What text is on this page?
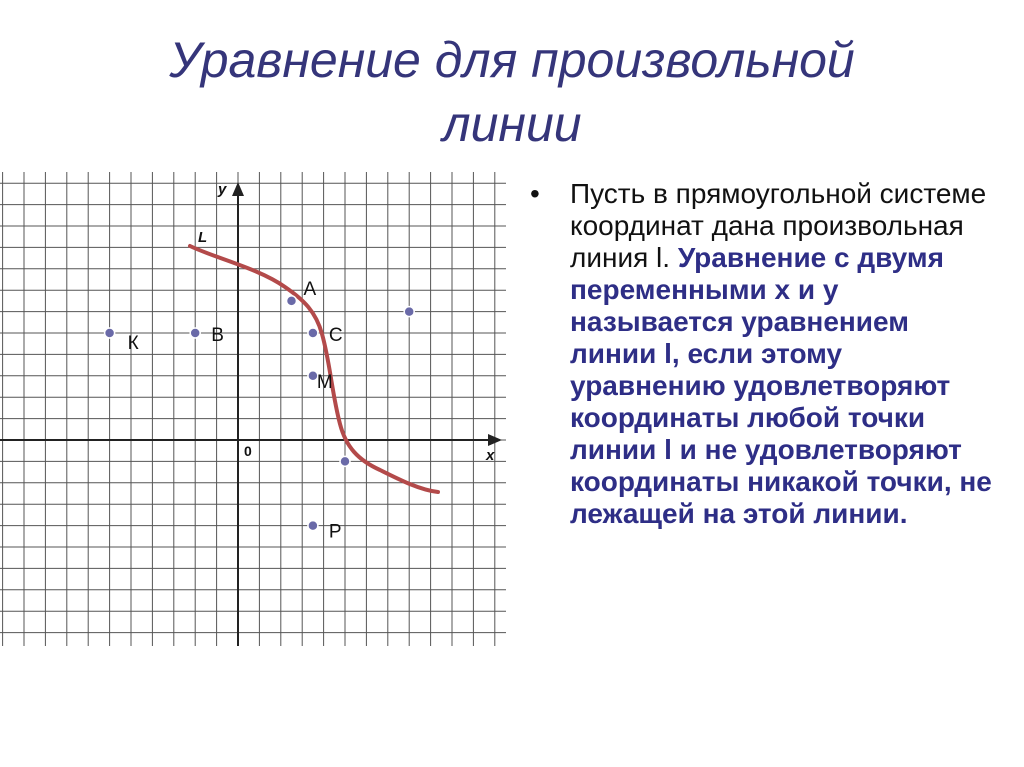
Уравнение для произвольной
линии
x
y
0
L
К	В
А
С
М
Р
•	Пусть в прямоугольной системе координат дана произвольная линия l. Уравнение с двумя переменными x и y называется уравнением линии l, если этому уравнению удовлетворяют координаты любой точки линии l и не удовлетворяют координаты никакой точки, не лежащей на этой линии.
